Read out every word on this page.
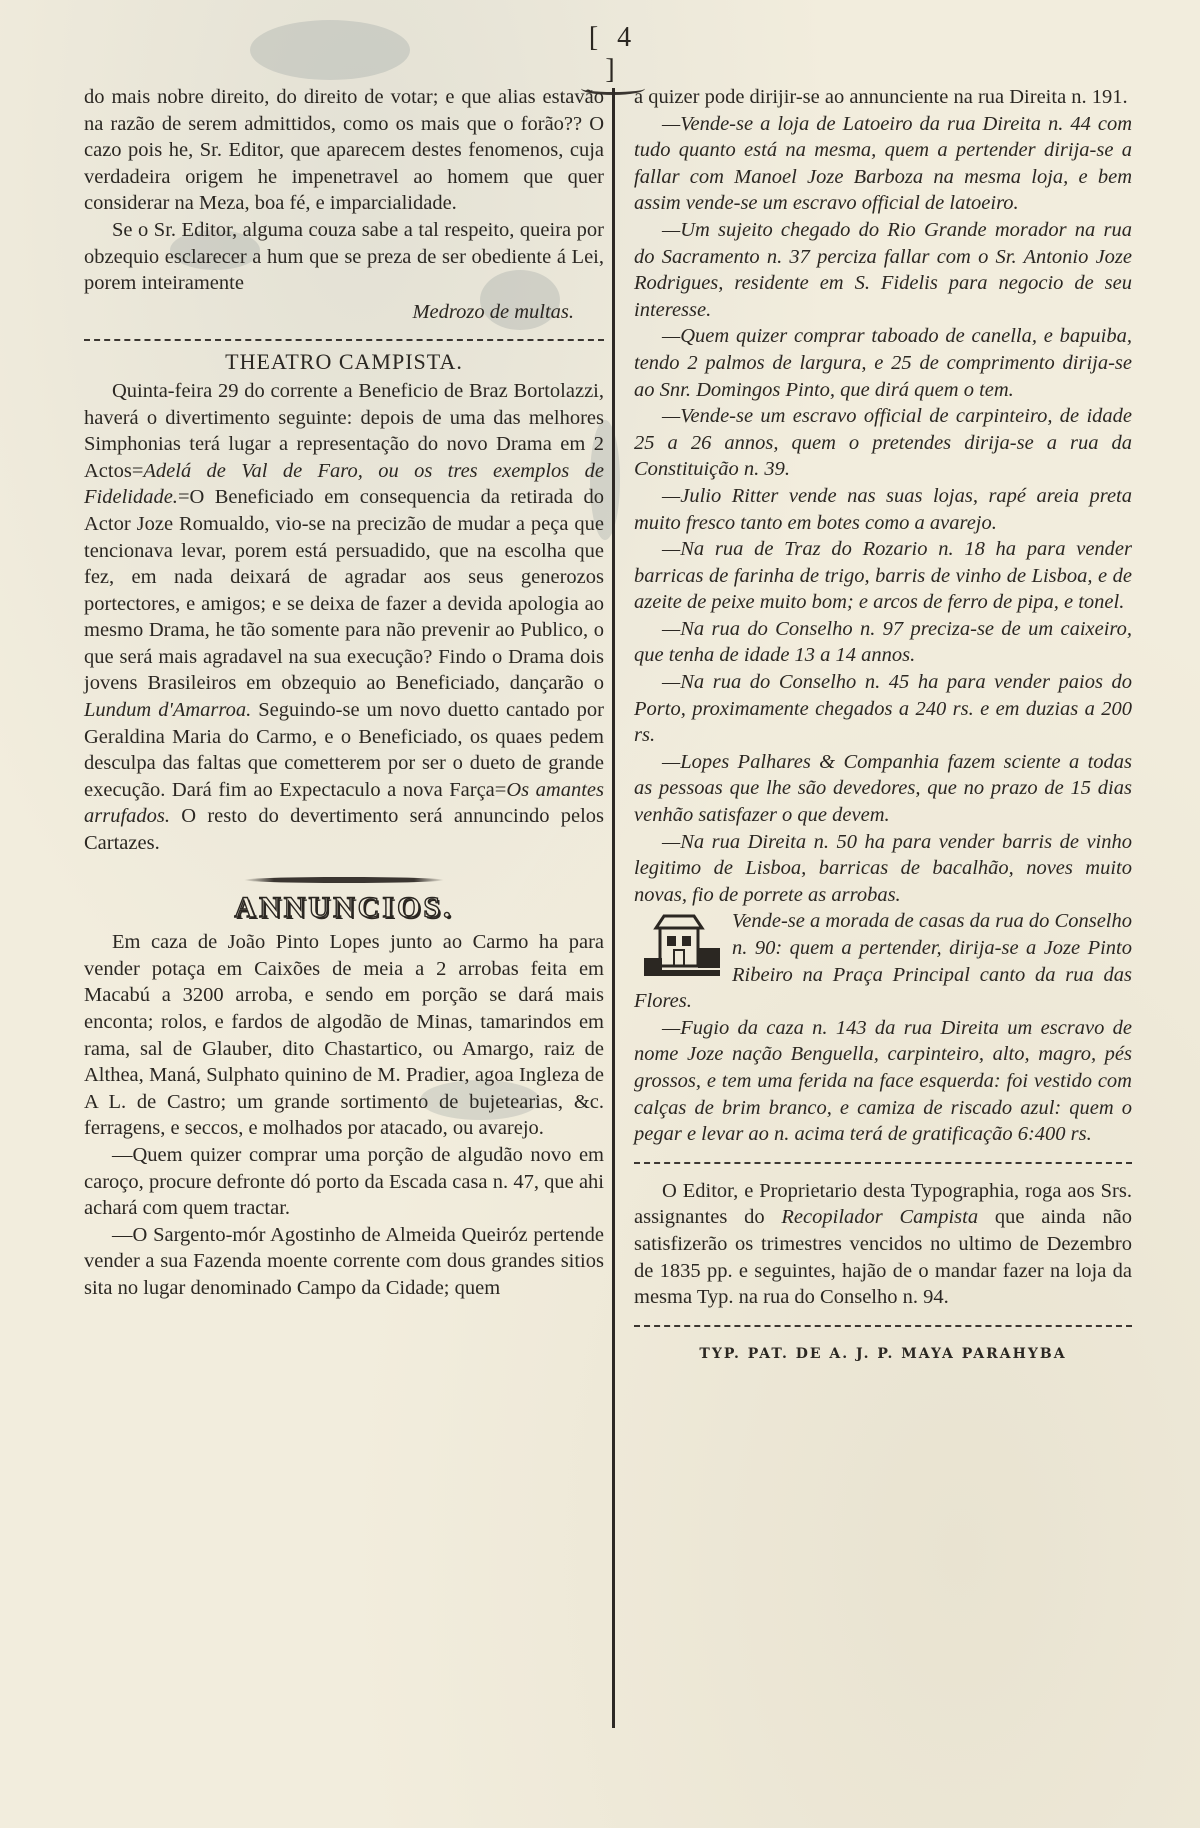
[ 4 ]

do mais nobre direito, do direito de votar; e que alias estavão na razão de serem admittidos, como os mais que o forão?? O cazo pois he, Sr. Editor, que aparecem destes fenomenos, cuja verdadeira origem he impenetravel ao homem que quer considerar na Meza, boa fé, e imparcialidade.

Se o Sr. Editor, alguma couza sabe a tal respeito, queira por obzequio esclarecer a hum que se preza de ser obediente á Lei, porem inteiramente

Medrozo de multas.
THEATRO CAMPISTA.

Quinta-feira 29 do corrente a Beneficio de Braz Bortolazzi, haverá o divertimento seguinte: depois de uma das melhores Simphonias terá lugar a representação do novo Drama em 2 Actos=Adelá de Val de Faro, ou os tres exemplos de Fidelidade.=O Beneficiado em consequencia da retirada do Actor Joze Romualdo, vio-se na precizão de mudar a peça que tencionava levar, porem está persuadido, que na escolha que fez, em nada deixará de agradar aos seus generozos portectores, e amigos; e se deixa de fazer a devida apologia ao mesmo Drama, he tão somente para não prevenir ao Publico, o que será mais agradavel na sua execução? Findo o Drama dois jovens Brasileiros em obzequio ao Beneficiado, dançarão o Lundum d'Amarroa. Seguindo-se um novo duetto cantado por Geraldina Maria do Carmo, e o Beneficiado, os quaes pedem desculpa das faltas que cometterem por ser o dueto de grande execução. Dará fim ao Expectaculo a nova Farça=Os amantes arrufados. O resto do devertimento será annuncindo pelos Cartazes.

ANNUNCIOS.

Em caza de João Pinto Lopes junto ao Carmo ha para vender potaça em Caixões de meia a 2 arrobas feita em Macabú a 3200 arroba, e sendo em porção se dará mais enconta; rolos, e fardos de algodão de Minas, tamarindos em rama, sal de Glauber, dito Chastartico, ou Amargo, raiz de Althea, Maná, Sulphato quinino de M. Pradier, agoa Ingleza de A L. de Castro; um grande sortimento de bujetearias, &c. ferragens, e seccos, e molhados por atacado, ou avarejo.

—Quem quizer comprar uma porção de algudão novo em caroço, procure defronte dó porto da Escada casa n. 47, que ahi achará com quem tractar.

—O Sargento-mór Agostinho de Almeida Queiróz pertende vender a sua Fazenda moente corrente com dous grandes sitios sita no lugar denominado Campo da Cidade; quem

a quizer pode dirijir-se ao annunciente na rua Direita n. 191.

—Vende-se a loja de Latoeiro da rua Direita n. 44 com tudo quanto está na mesma, quem a pertender dirija-se a fallar com Manoel Joze Barboza na mesma loja, e bem assim vende-se um escravo official de latoeiro.

—Um sujeito chegado do Rio Grande morador na rua do Sacramento n. 37 perciza fallar com o Sr. Antonio Joze Rodrigues, residente em S. Fidelis para negocio de seu interesse.

—Quem quizer comprar taboado de canella, e bapuiba, tendo 2 palmos de largura, e 25 de comprimento dirija-se ao Snr. Domingos Pinto, que dirá quem o tem.

—Vende-se um escravo official de carpinteiro, de idade 25 a 26 annos, quem o pretendes dirija-se a rua da Constituição n. 39.

—Julio Ritter vende nas suas lojas, rapé areia preta muito fresco tanto em botes como a avarejo.

—Na rua de Traz do Rozario n. 18 ha para vender barricas de farinha de trigo, barris de vinho de Lisboa, e de azeite de peixe muito bom; e arcos de ferro de pipa, e tonel.

—Na rua do Conselho n. 97 preciza-se de um caixeiro, que tenha de idade 13 a 14 annos.

—Na rua do Conselho n. 45 ha para vender paios do Porto, proximamente chegados a 240 rs. e em duzias a 200 rs.

—Lopes Palhares & Companhia fazem sciente a todas as pessoas que lhe são devedores, que no prazo de 15 dias venhão satisfazer o que devem.

—Na rua Direita n. 50 ha para vender barris de vinho legitimo de Lisboa, barricas de bacalhão, noves muito novas, fio de porrete as arrobas.

Vende-se a morada de casas da rua do Conselho n. 90: quem a pertender, dirija-se a Joze Pinto Ribeiro na Praça Principal canto da rua das Flores.

—Fugio da caza n. 143 da rua Direita um escravo de nome Joze nação Benguella, carpinteiro, alto, magro, pés grossos, e tem uma ferida na face esquerda: foi vestido com calças de brim branco, e camiza de riscado azul: quem o pegar e levar ao n. acima terá de gratificação 6:400 rs.

O Editor, e Proprietario desta Typographia, roga aos Srs. assignantes do Recopilador Campista que ainda não satisfizerão os trimestres vencidos no ultimo de Dezembro de 1835 pp. e seguintes, hajão de o mandar fazer na loja da mesma Typ. na rua do Conselho n. 94.

TYP. PAT. DE A. J. P. MAYA PARAHYBA
